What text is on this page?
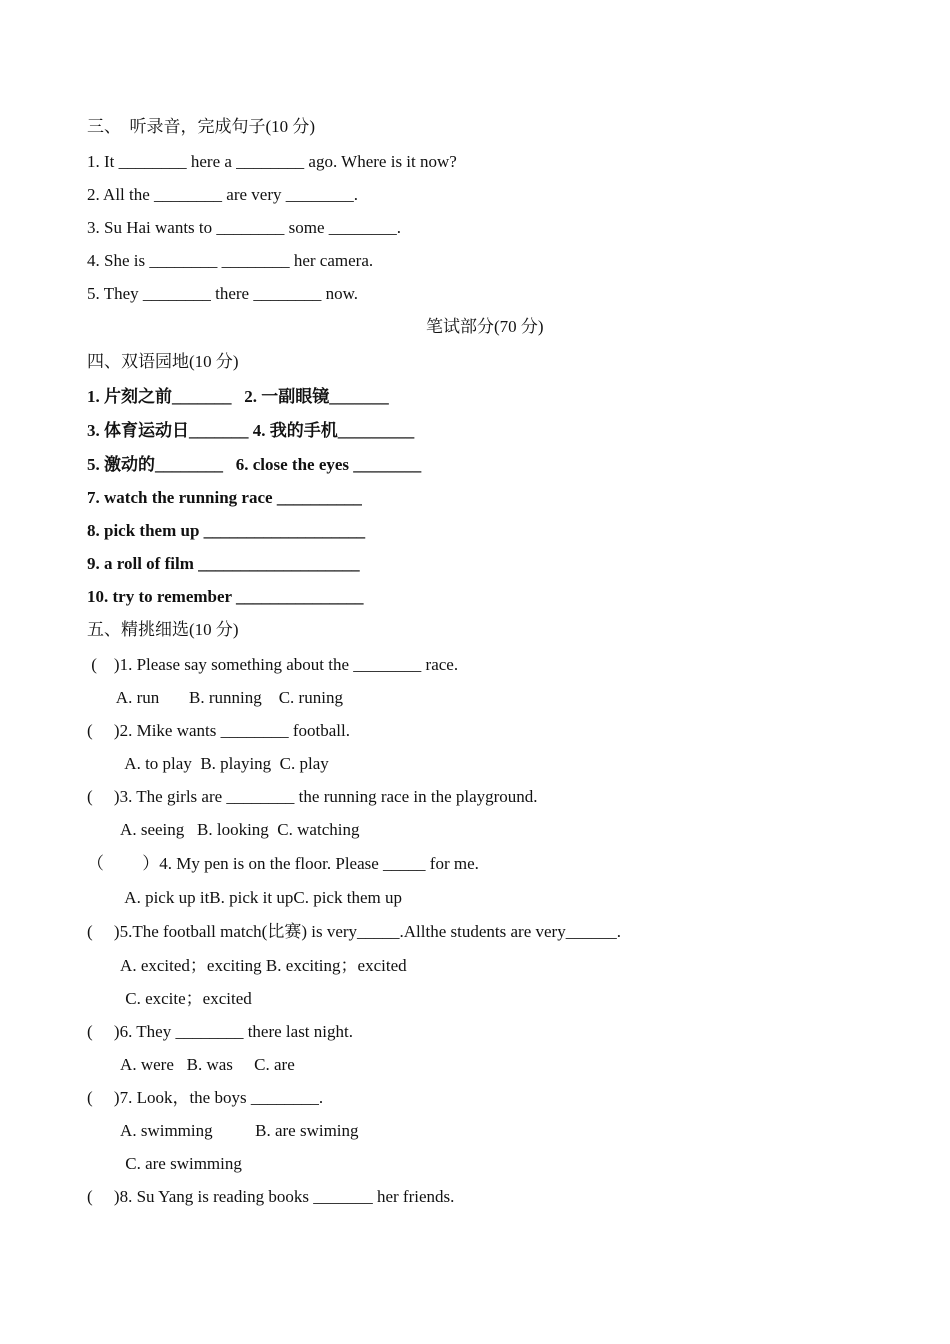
三、  听录音，完成句子(10 分)
1. It ________ here a ________ ago. Where is it now?
2. All the ________ are very ________.
3. Su Hai wants to ________ some ________.
4. She is ________ ________ her camera.
5. They ________ there ________ now.
笔试部分(70 分)
四、双语园地(10 分)
1. 片刻之前_______   2. 一副眼镜_______
3. 体育运动日_______ 4. 我的手机_________
5. 激动的________   6. close the eyes ________
7. watch the running race __________
8. pick them up ___________________
9. a roll of film ___________________
10. try to remember _______________
五、精挑细选(10 分)
(    )1. Please say something about the ________ race.
A. run       B. running    C. runing
(     )2. Mike wants ________ football.
A. to play  B. playing  C. play
(     )3. The girls are ________ the running race in the playground.
A. seeing   B. looking  C. watching
（         ）4. My pen is on the floor. Please _____ for me.
A. pick up itB. pick it upC. pick them up
(     )5.The football match(比赛) is very_____.Allthe students are very______.
A. excited；exciting B. exciting；excited
C. excite；excited
(     )6. They ________ there last night.
A. were   B. was     C. are
(     )7. Look，the boys ________.
A. swimming          B. are swiming
C. are swimming
(     )8. Su Yang is reading books _______ her friends.
